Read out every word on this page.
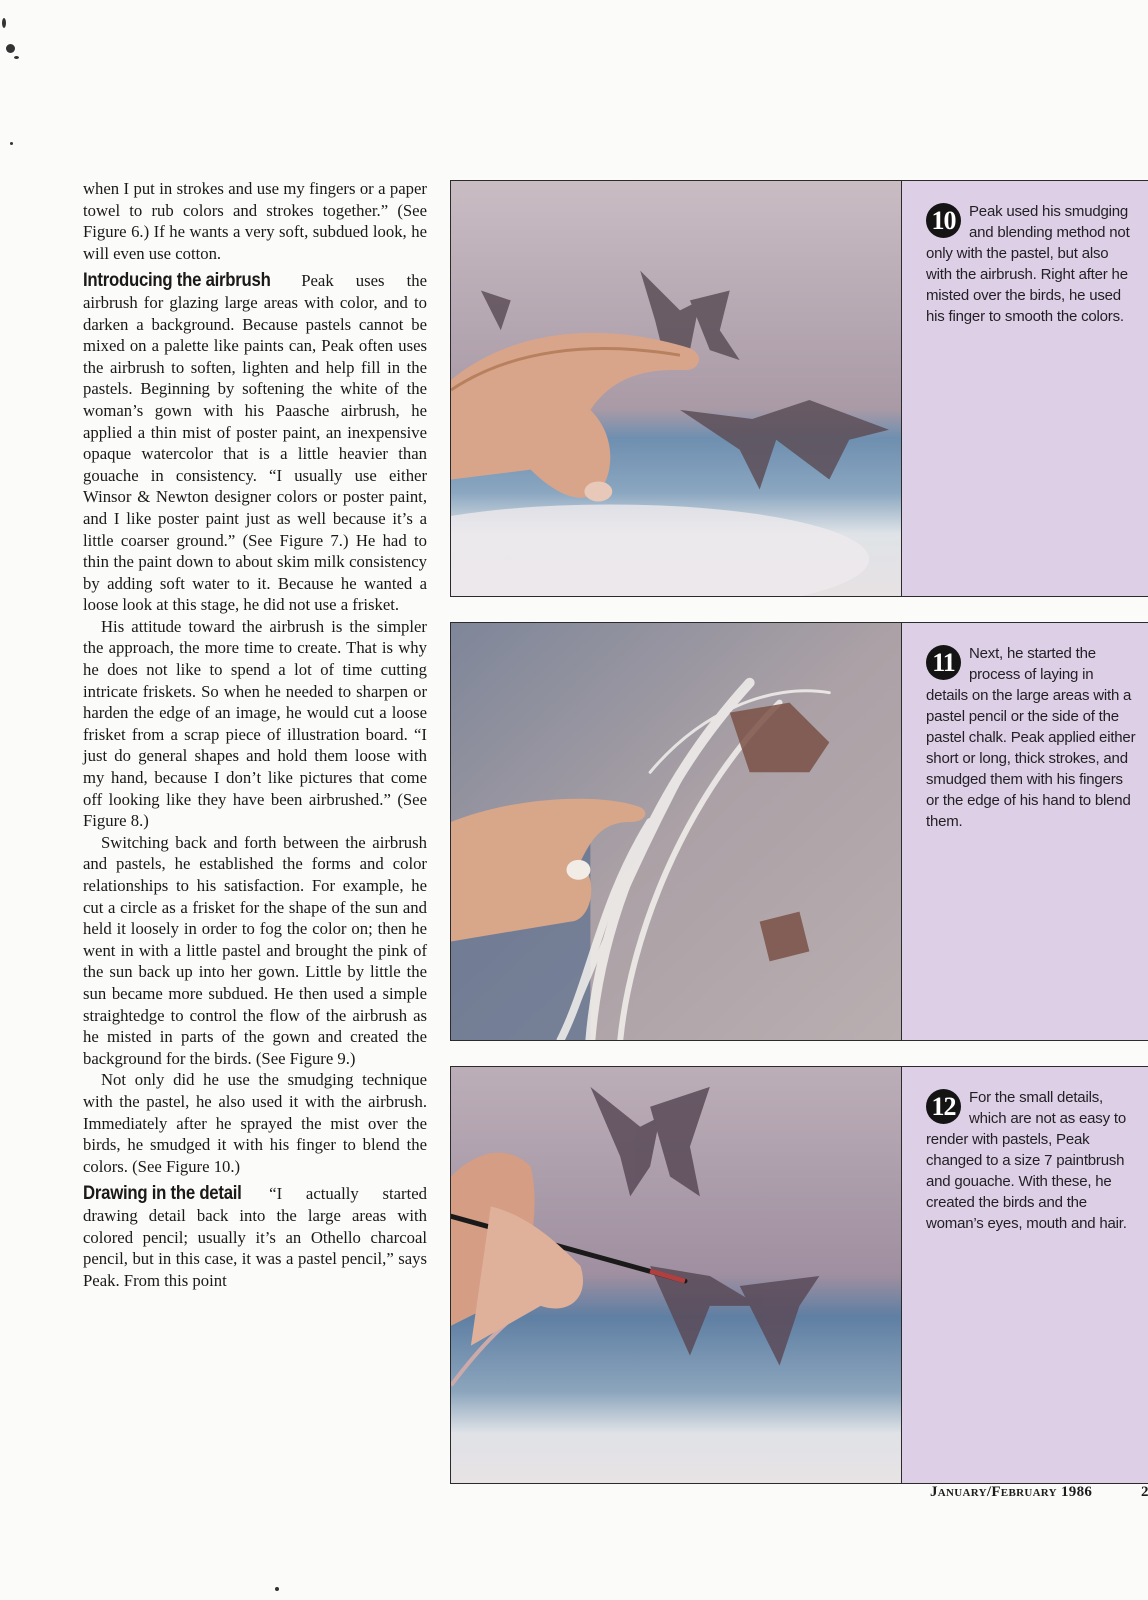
when I put in strokes and use my fingers or a paper towel to rub colors and strokes together.” (See Figure 6.) If he wants a very soft, subdued look, he will even use cotton.

Introducing the airbrush Peak uses the airbrush for glazing large areas with color, and to darken a background. Because pastels cannot be mixed on a palette like paints can, Peak often uses the airbrush to soften, lighten and help fill in the pastels. Beginning by softening the white of the woman’s gown with his Paasche airbrush, he applied a thin mist of poster paint, an inexpensive opaque watercolor that is a little heavier than gouache in consistency. “I usually use either Winsor & Newton designer colors or poster paint, and I like poster paint just as well because it’s a little coarser ground.” (See Figure 7.) He had to thin the paint down to about skim milk consistency by adding soft water to it. Because he wanted a loose look at this stage, he did not use a frisket.

His attitude toward the airbrush is the simpler the approach, the more time to create. That is why he does not like to spend a lot of time cutting intricate friskets. So when he needed to sharpen or harden the edge of an image, he would cut a loose frisket from a scrap piece of illustration board. “I just do general shapes and hold them loose with my hand, because I don’t like pictures that come off looking like they have been airbrushed.” (See Figure 8.)

Switching back and forth between the airbrush and pastels, he established the forms and color relationships to his satisfaction. For example, he cut a circle as a frisket for the shape of the sun and held it loosely in order to fog the color on; then he went in with a little pastel and brought the pink of the sun back up into her gown. Little by little the sun became more subdued. He then used a simple straightedge to control the flow of the airbrush as he misted in parts of the gown and created the background for the birds. (See Figure 9.)

Not only did he use the smudging technique with the pastel, he also used it with the airbrush. Immediately after he sprayed the mist over the birds, he smudged it with his finger to blend the colors. (See Figure 10.)

Drawing in the detail “I actually started drawing detail back into the large areas with colored pencil; usually it’s an Othello charcoal pencil, but in this case, it was a pastel pencil,” says Peak. From this point

10 Peak used his smudging and blending method not only with the pastel, but also with the airbrush. Right after he misted over the birds, he used his finger to smooth the colors.
11 Next, he started the process of laying in details on the large areas with a pastel pencil or the side of the pastel chalk. Peak applied either short or long, thick strokes, and smudged them with his fingers or the edge of his hand to blend them.
12 For the small details, which are not as easy to render with pastels, Peak changed to a size 7 paintbrush and gouache. With these, he created the birds and the woman’s eyes, mouth and hair.
January/February 1986	2
